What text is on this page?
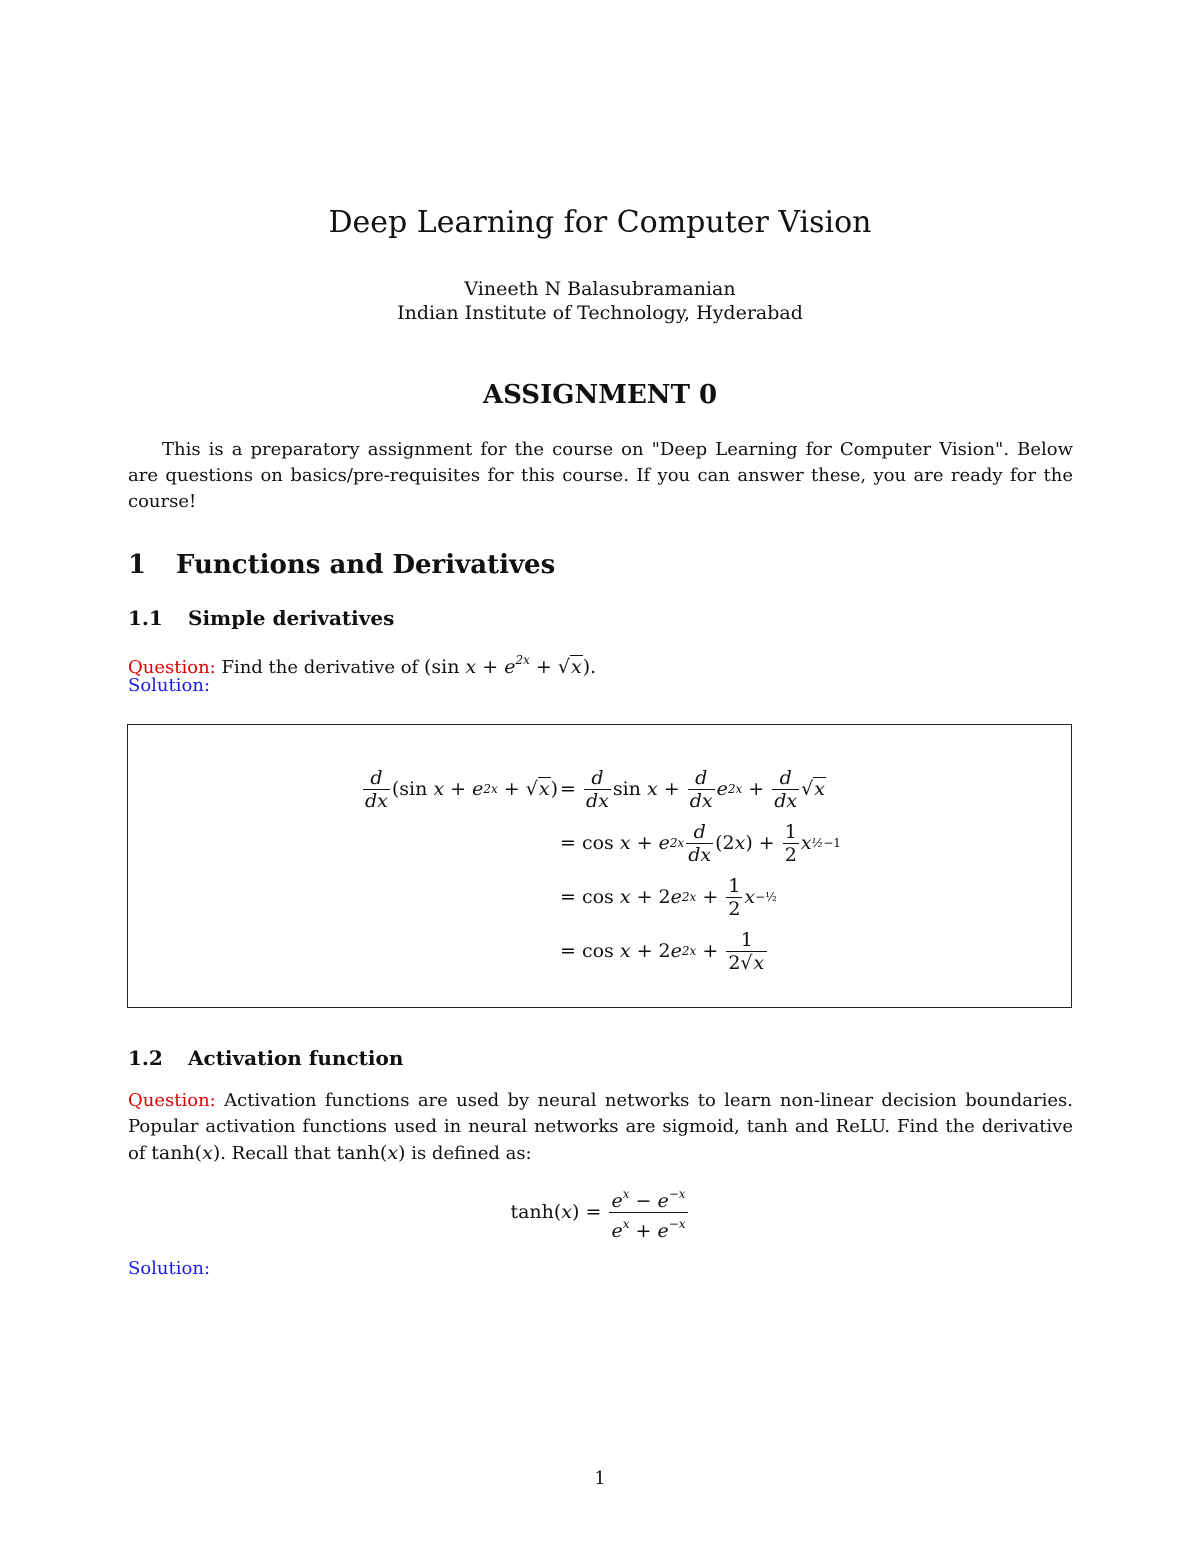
Deep Learning for Computer Vision
Vineeth N Balasubramanian
Indian Institute of Technology, Hyderabad
ASSIGNMENT 0
This is a preparatory assignment for the course on "Deep Learning for Computer Vision". Below are questions on basics/pre-requisites for this course. If you can answer these, you are ready for the course!
1 Functions and Derivatives
1.1 Simple derivatives
Question: Find the derivative of (sin $x + e^{2x} + √x$).
Solution:
$\frac{d}{dx} (\sin$ x + e 2x + √x ) = $\frac{d}{dx}$ $\sin x + \frac{d}{dx}$ e $2x + \frac{d}{dx} √x$
= cos x + e $2x \frac{d}{dx} (2$ x ) + $\frac{1}{2}$ x ½−1
= cos x + 2 e $2x + \frac{1}{2}$ x −½
= cos x + 2 e $2x + \frac{1}{2√x}$
1.2 Activation function
Question: Activation functions are used by neural networks to learn non-linear decision boundaries. Popular activation functions used in neural networks are sigmoid, tanh and ReLU. Find the derivative of tanh(x). Recall that tanh(x) is defined as:
tanh( x ) = $\frac{e^x - e^{-x}}{e^x + e^{-x}}$
Solution:
1
